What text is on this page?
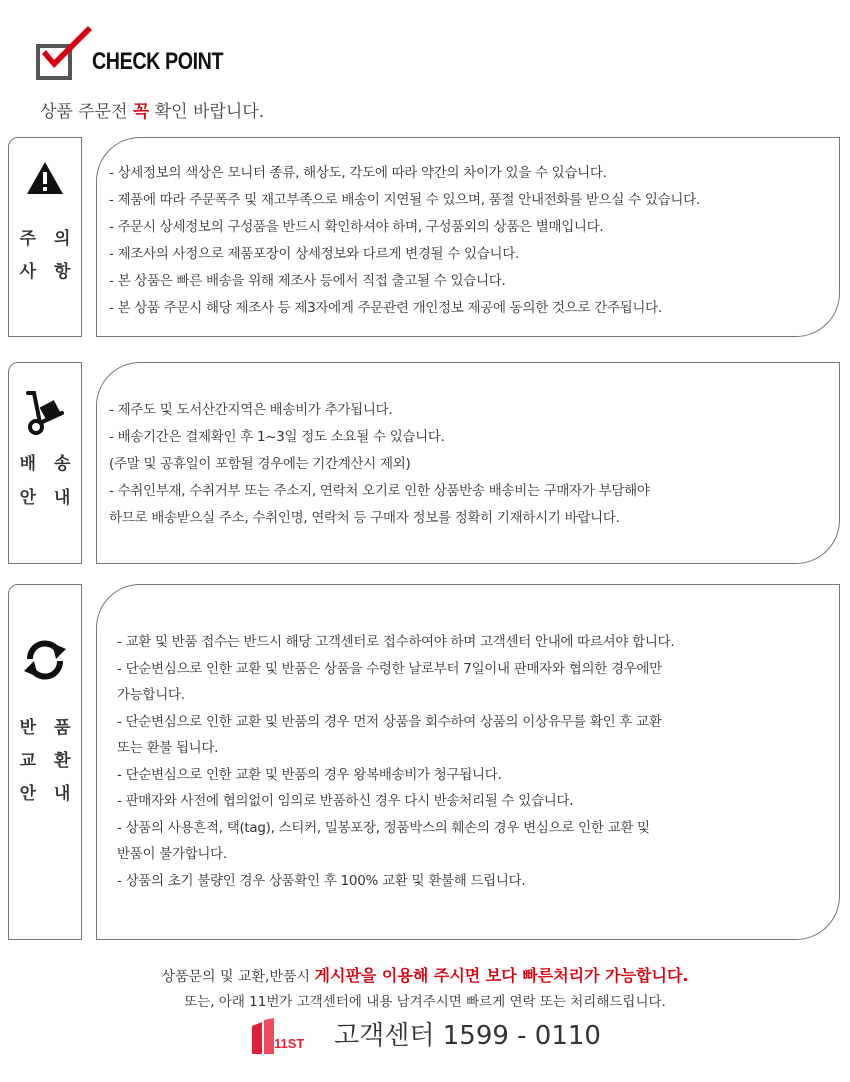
CHECK POINT
상품 주문전 꼭 확인 바랍니다.
주 의
사 항
- 상세정보의 색상은 모니터 종류, 해상도, 각도에 따라 약간의 차이가 있을 수 있습니다.
- 제품에 따라 주문폭주 및 재고부족으로 배송이 지연될 수 있으며, 품절 안내전화를 받으실 수 있습니다.
- 주문시 상세정보의 구성품을 반드시 확인하셔야 하며, 구성품외의 상품은 별매입니다.
- 제조사의 사정으로 제품포장이 상세정보와 다르게 변경될 수 있습니다.
- 본 상품은 빠른 배송을 위해 제조사 등에서 직접 출고될 수 있습니다.
- 본 상품 주문시 해당 제조사 등 제3자에게 주문관련 개인정보 제공에 동의한 것으로 간주됩니다.
배 송
안 내
- 제주도 및 도서산간지역은 배송비가 추가됩니다.
- 배송기간은 결제확인 후 1~3일 정도 소요될 수 있습니다.
(주말 및 공휴일이 포함될 경우에는 기간계산시 제외)
- 수취인부재, 수취거부 또는 주소지, 연락처 오기로 인한 상품반송 배송비는 구매자가 부담해야
하므로 배송받으실 주소, 수취인명, 연락처 등 구매자 정보를 정확히 기재하시기 바랍니다.
반 품
교 환
안 내
- 교환 및 반품 접수는 반드시 해당 고객센터로 접수하여야 하며 고객센터 안내에 따르셔야 합니다.
- 단순변심으로 인한 교환 및 반품은 상품을 수령한 날로부터 7일이내 판매자와 협의한 경우에만
가능합니다.
- 단순변심으로 인한 교환 및 반품의 경우 먼저 상품을 회수하여 상품의 이상유무를 확인 후 교환
또는 환불 됩니다.
- 단순변심으로 인한 교환 및 반품의 경우 왕복배송비가 청구됩니다.
- 판매자와 사전에 협의없이 임의로 반품하신 경우 다시 반송처리될 수 있습니다.
- 상품의 사용흔적, 택(tag), 스티커, 밀봉포장, 정품박스의 훼손의 경우 변심으로 인한 교환 및
반품이 불가합니다.
- 상품의 초기 불량인 경우 상품확인 후 100% 교환 및 환불해 드립니다.
상품문의 및 교환,반품시 게시판을 이용해 주시면 보다 빠른처리가 가능합니다.
또는, 아래 11번가 고객센터에 내용 남겨주시면 빠르게 연락 또는 처리해드립니다.
11ST 고객센터 1599 - 0110
